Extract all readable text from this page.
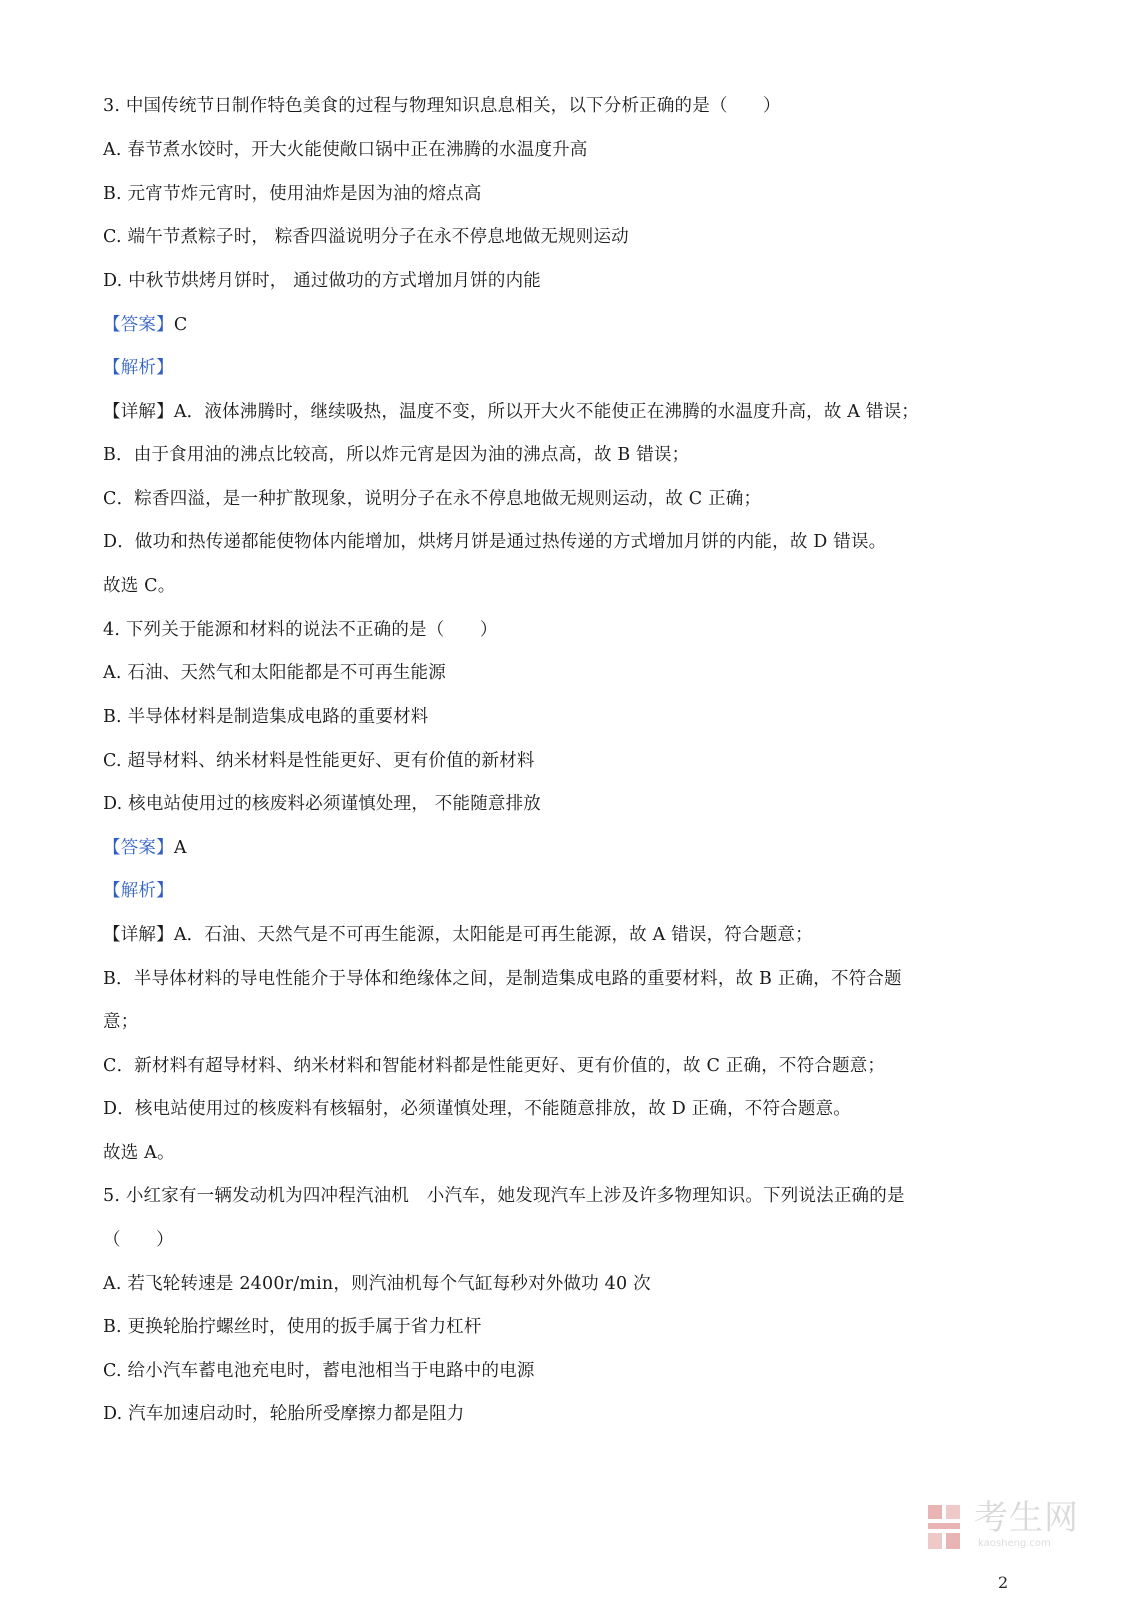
3. 中国传统节日制作特色美食的过程与物理知识息息相关，以下分析正确的是（　　）
A. 春节煮水饺时，开大火能使敞口锅中正在沸腾的水温度升高
B. 元宵节炸元宵时，使用油炸是因为油的熔点高
C. 端午节煮粽子时， 粽香四溢说明分子在永不停息地做无规则运动
D. 中秋节烘烤月饼时， 通过做功的方式增加月饼的内能
【答案】C
【解析】
【详解】A．液体沸腾时，继续吸热，温度不变，所以开大火不能使正在沸腾的水温度升高，故 A 错误；
B．由于食用油的沸点比较高，所以炸元宵是因为油的沸点高，故 B 错误；
C．粽香四溢，是一种扩散现象，说明分子在永不停息地做无规则运动，故 C 正确；
D．做功和热传递都能使物体内能增加，烘烤月饼是通过热传递的方式增加月饼的内能，故 D 错误。
故选 C。
4. 下列关于能源和材料的说法不正确的是（　　）
A. 石油、天然气和太阳能都是不可再生能源
B. 半导体材料是制造集成电路的重要材料
C. 超导材料、纳米材料是性能更好、更有价值的新材料
D. 核电站使用过的核废料必须谨慎处理， 不能随意排放
【答案】A
【解析】
【详解】A．石油、天然气是不可再生能源，太阳能是可再生能源，故 A 错误，符合题意；
B．半导体材料的导电性能介于导体和绝缘体之间，是制造集成电路的重要材料，故 B 正确，不符合题
意；
C．新材料有超导材料、纳米材料和智能材料都是性能更好、更有价值的，故 C 正确，不符合题意；
D．核电站使用过的核废料有核辐射，必须谨慎处理，不能随意排放，故 D 正确，不符合题意。
故选 A。
5. 小红家有一辆发动机为四冲程汽油机　小汽车，她发现汽车上涉及许多物理知识。下列说法正确的是
（　　）
A. 若飞轮转速是 2400r/min，则汽油机每个气缸每秒对外做功 40 次
B. 更换轮胎拧螺丝时，使用的扳手属于省力杠杆
C. 给小汽车蓄电池充电时，蓄电池相当于电路中的电源
D. 汽车加速启动时，轮胎所受摩擦力都是阻力
考生网
kaosheng.com
2
